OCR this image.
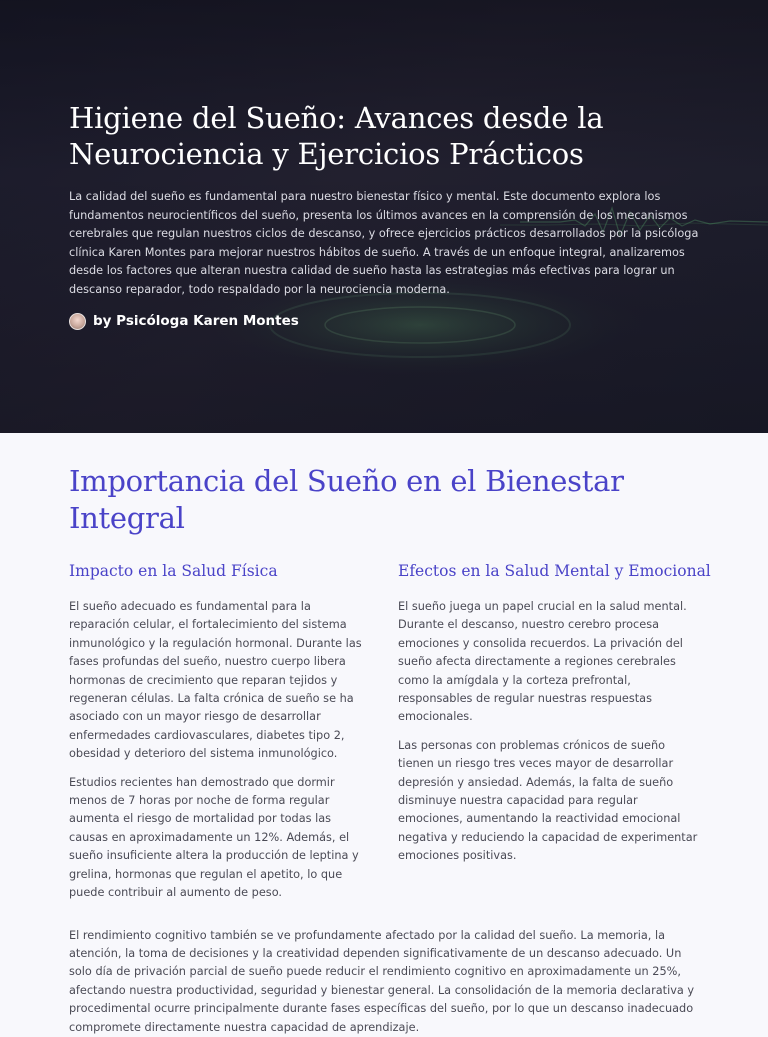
Higiene del Sueño: Avances desde la Neurociencia y Ejercicios Prácticos

La calidad del sueño es fundamental para nuestro bienestar físico y mental. Este documento explora los fundamentos neurocientíficos del sueño, presenta los últimos avances en la comprensión de los mecanismos cerebrales que regulan nuestros ciclos de descanso, y ofrece ejercicios prácticos desarrollados por la psicóloga clínica Karen Montes para mejorar nuestros hábitos de sueño. A través de un enfoque integral, analizaremos desde los factores que alteran nuestra calidad de sueño hasta las estrategias más efectivas para lograr un descanso reparador, todo respaldado por la neurociencia moderna.

by Psicóloga Karen Montes
Importancia del Sueño en el Bienestar Integral
Impacto en la Salud Física

El sueño adecuado es fundamental para la reparación celular, el fortalecimiento del sistema inmunológico y la regulación hormonal. Durante las fases profundas del sueño, nuestro cuerpo libera hormonas de crecimiento que reparan tejidos y regeneran células. La falta crónica de sueño se ha asociado con un mayor riesgo de desarrollar enfermedades cardiovasculares, diabetes tipo 2, obesidad y deterioro del sistema inmunológico.

Estudios recientes han demostrado que dormir menos de 7 horas por noche de forma regular aumenta el riesgo de mortalidad por todas las causas en aproximadamente un 12%. Además, el sueño insuficiente altera la producción de leptina y grelina, hormonas que regulan el apetito, lo que puede contribuir al aumento de peso.

Efectos en la Salud Mental y Emocional

El sueño juega un papel crucial en la salud mental. Durante el descanso, nuestro cerebro procesa emociones y consolida recuerdos. La privación del sueño afecta directamente a regiones cerebrales como la amígdala y la corteza prefrontal, responsables de regular nuestras respuestas emocionales.

Las personas con problemas crónicos de sueño tienen un riesgo tres veces mayor de desarrollar depresión y ansiedad. Además, la falta de sueño disminuye nuestra capacidad para regular emociones, aumentando la reactividad emocional negativa y reduciendo la capacidad de experimentar emociones positivas.

El rendimiento cognitivo también se ve profundamente afectado por la calidad del sueño. La memoria, la atención, la toma de decisiones y la creatividad dependen significativamente de un descanso adecuado. Un solo día de privación parcial de sueño puede reducir el rendimiento cognitivo en aproximadamente un 25%, afectando nuestra productividad, seguridad y bienestar general. La consolidación de la memoria declarativa y procedimental ocurre principalmente durante fases específicas del sueño, por lo que un descanso inadecuado compromete directamente nuestra capacidad de aprendizaje.
